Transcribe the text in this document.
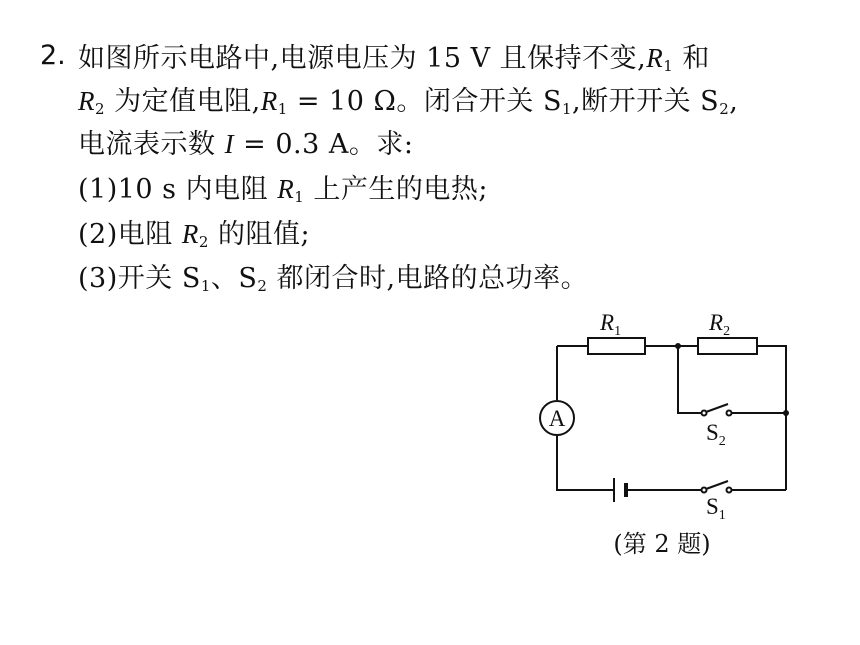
2. 如图所示电路中,电源电压为 15 V 且保持不变$,R_1$ 和
$R_2$ 为定值电阻$,R_1 = 10$ Ω。闭合开关 $S_1$,断开开关 $S_2$,
电流表示数 I = 0.3 A。求:
(1)10 s 内电阻 $R_1$ 上产生的电热;
(2)电阻 $R_2$ 的阻值;
(3)开关 $S_1$、$S_2$ 都闭合时,电路的总功率。
A
$R_1$	$R_2$
$S_2$
$S_1$
(第 2 题)
